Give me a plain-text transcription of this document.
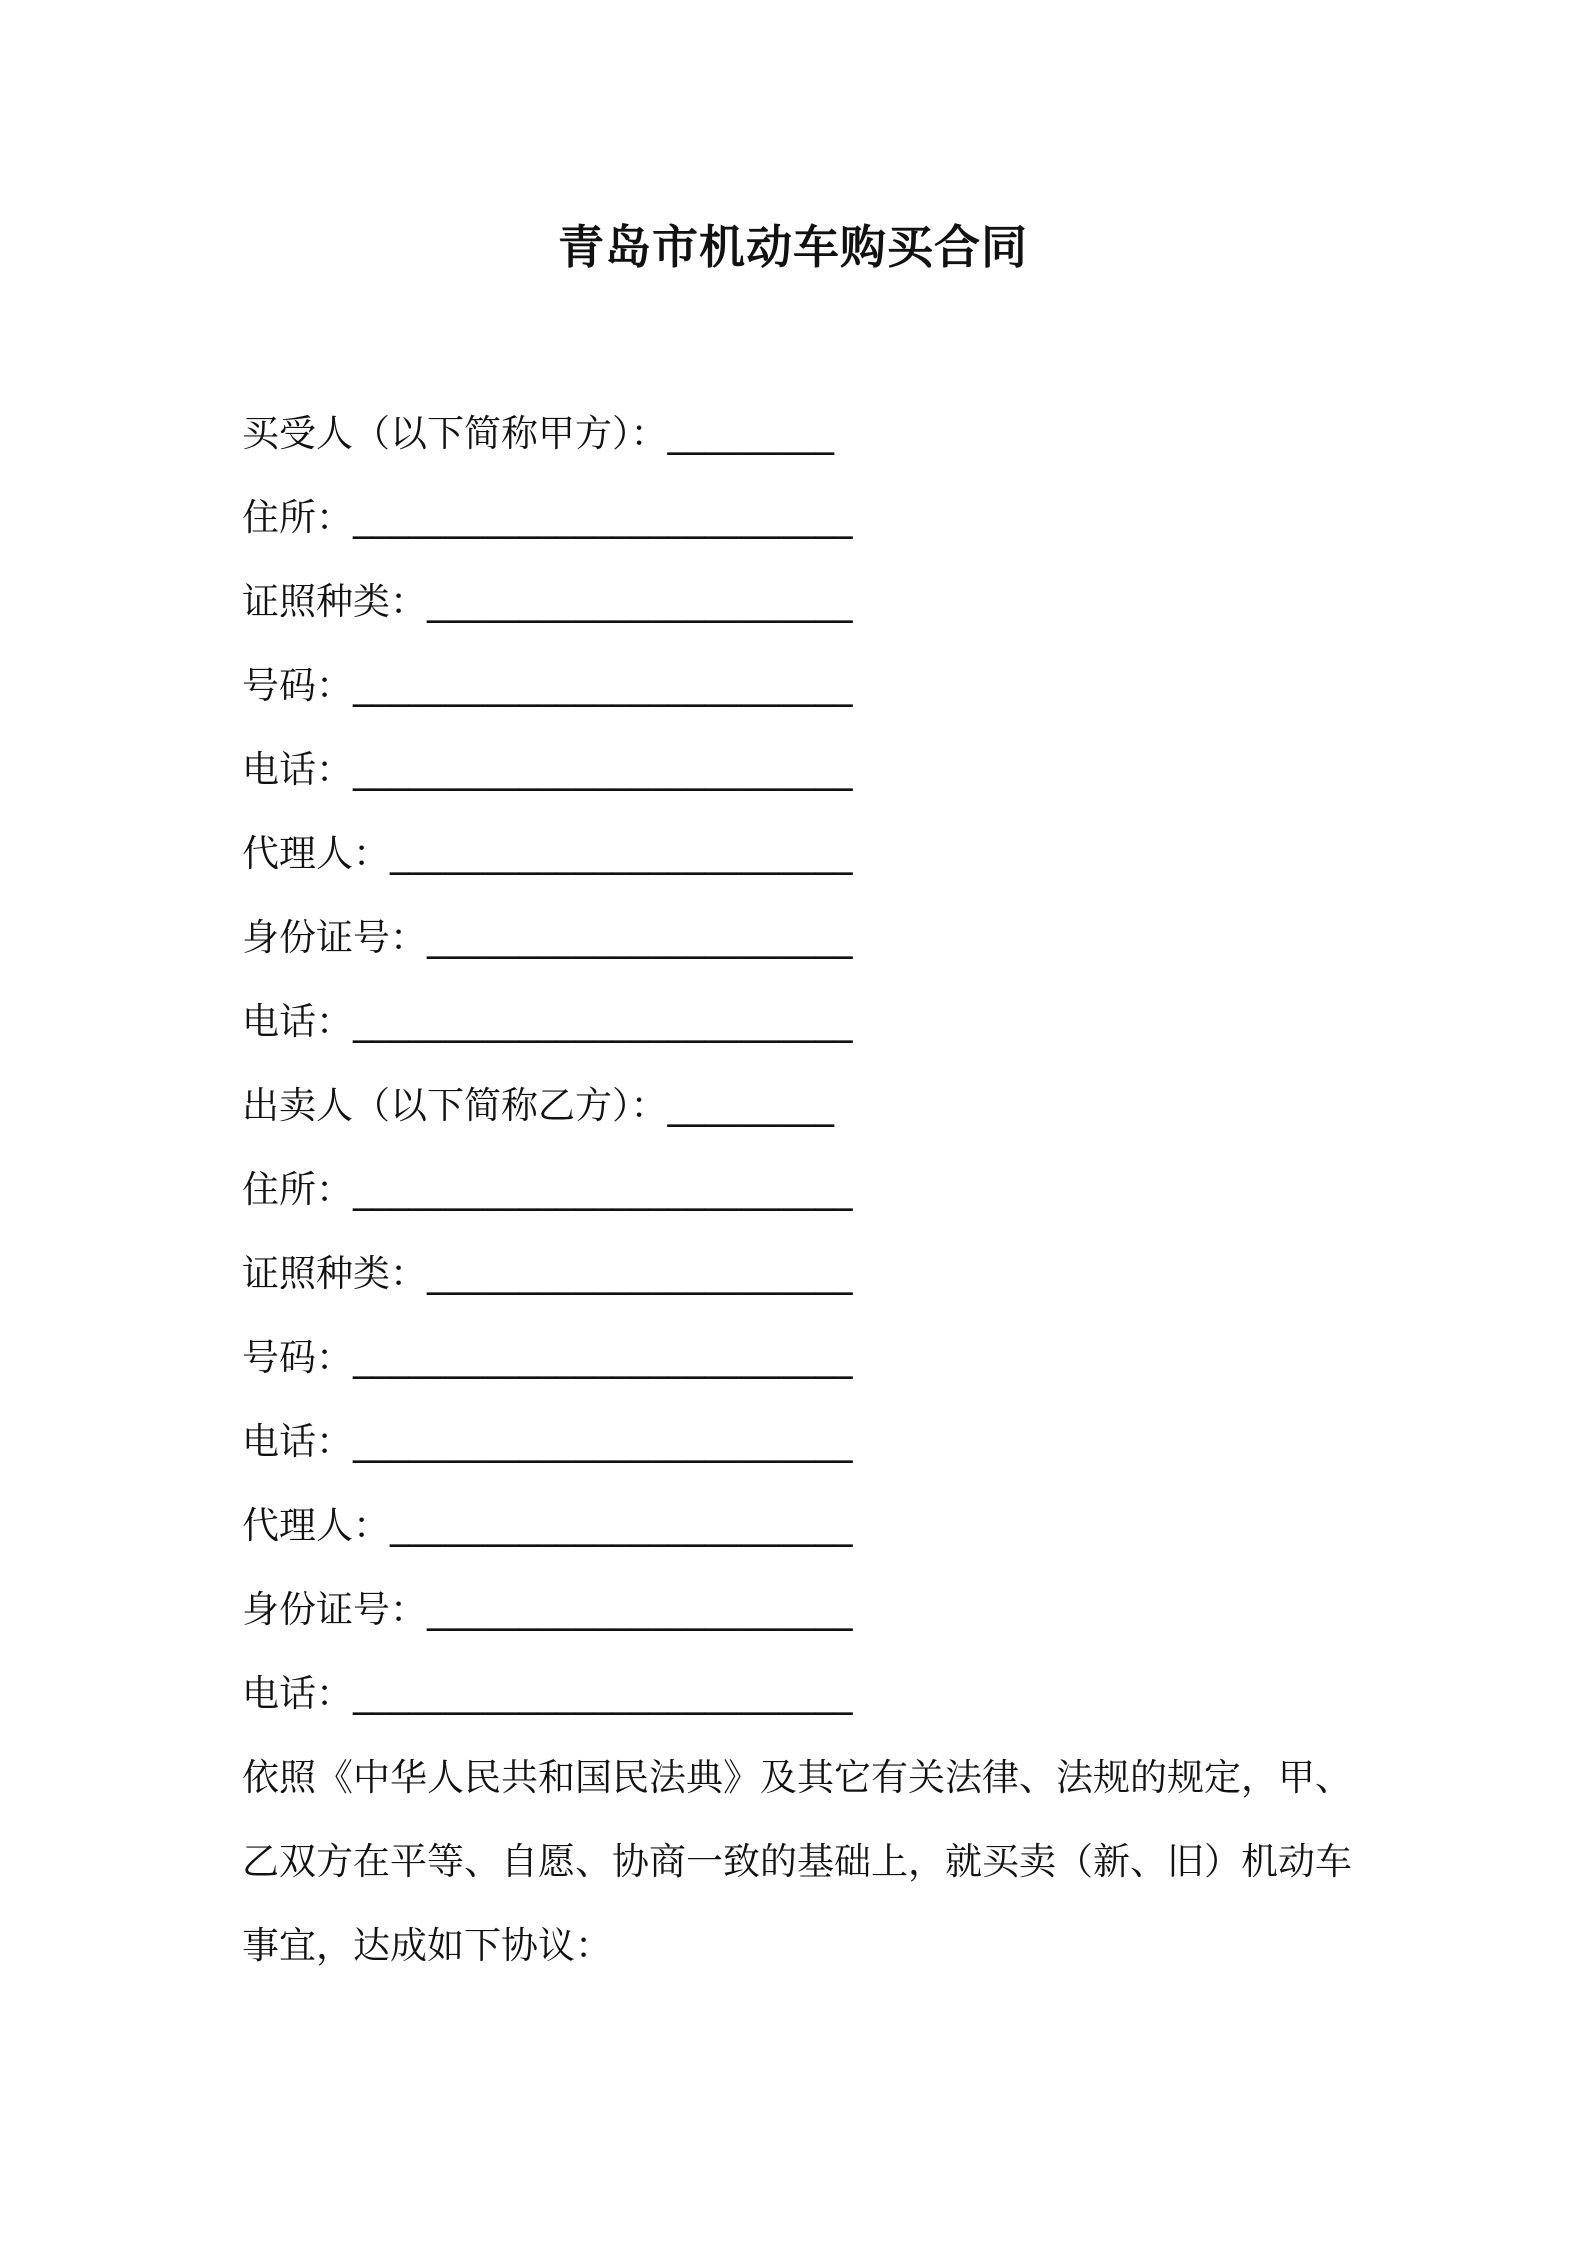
青岛市机动车购买合同
买受人（以下简称甲方）：_________
住所：___________________________
证照种类：_______________________
号码：___________________________
电话：___________________________
代理人：_________________________
身份证号：_______________________
电话：___________________________
出卖人（以下简称乙方）：_________
住所：___________________________
证照种类：_______________________
号码：___________________________
电话：___________________________
代理人：_________________________
身份证号：_______________________
电话：___________________________
依照《中华人民共和国民法典》及其它有关法律、法规的规定，甲、
乙双方在平等、自愿、协商一致的基础上，就买卖（新、旧）机动车
事宜，达成如下协议：
